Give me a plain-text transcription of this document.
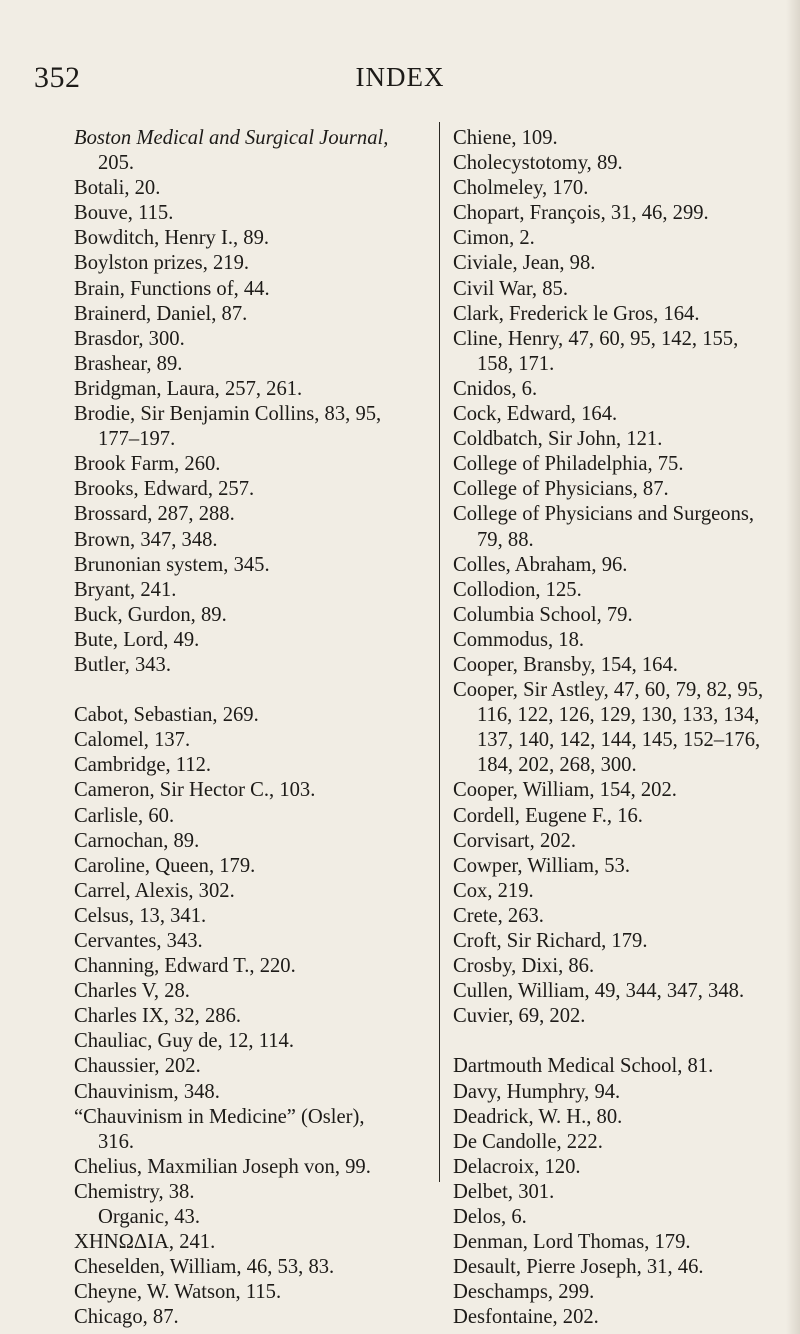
352	INDEX
Boston Medical and Surgical Journal,
205.
Botali, 20.
Bouve, 115.
Bowditch, Henry I., 89.
Boylston prizes, 219.
Brain, Functions of, 44.
Brainerd, Daniel, 87.
Brasdor, 300.
Brashear, 89.
Bridgman, Laura, 257, 261.
Brodie, Sir Benjamin Collins, 83, 95,
177–197.
Brook Farm, 260.
Brooks, Edward, 257.
Brossard, 287, 288.
Brown, 347, 348.
Brunonian system, 345.
Bryant, 241.
Buck, Gurdon, 89.
Bute, Lord, 49.
Butler, 343.
Cabot, Sebastian, 269.
Calomel, 137.
Cambridge, 112.
Cameron, Sir Hector C., 103.
Carlisle, 60.
Carnochan, 89.
Caroline, Queen, 179.
Carrel, Alexis, 302.
Celsus, 13, 341.
Cervantes, 343.
Channing, Edward T., 220.
Charles V, 28.
Charles IX, 32, 286.
Chauliac, Guy de, 12, 114.
Chaussier, 202.
Chauvinism, 348.
“Chauvinism in Medicine” (Osler),
316.
Chelius, Maxmilian Joseph von, 99.
Chemistry, 38.
Organic, 43.
ΧΗΝΩΔΙΑ, 241.
Cheselden, William, 46, 53, 83.
Cheyne, W. Watson, 115.
Chicago, 87.
Chiene, 109.
Cholecystotomy, 89.
Cholmeley, 170.
Chopart, François, 31, 46, 299.
Cimon, 2.
Civiale, Jean, 98.
Civil War, 85.
Clark, Frederick le Gros, 164.
Cline, Henry, 47, 60, 95, 142, 155,
158, 171.
Cnidos, 6.
Cock, Edward, 164.
Coldbatch, Sir John, 121.
College of Philadelphia, 75.
College of Physicians, 87.
College of Physicians and Surgeons,
79, 88.
Colles, Abraham, 96.
Collodion, 125.
Columbia School, 79.
Commodus, 18.
Cooper, Bransby, 154, 164.
Cooper, Sir Astley, 47, 60, 79, 82, 95,
116, 122, 126, 129, 130, 133, 134,
137, 140, 142, 144, 145, 152–176,
184, 202, 268, 300.
Cooper, William, 154, 202.
Cordell, Eugene F., 16.
Corvisart, 202.
Cowper, William, 53.
Cox, 219.
Crete, 263.
Croft, Sir Richard, 179.
Crosby, Dixi, 86.
Cullen, William, 49, 344, 347, 348.
Cuvier, 69, 202.
Dartmouth Medical School, 81.
Davy, Humphry, 94.
Deadrick, W. H., 80.
De Candolle, 222.
Delacroix, 120.
Delbet, 301.
Delos, 6.
Denman, Lord Thomas, 179.
Desault, Pierre Joseph, 31, 46.
Deschamps, 299.
Desfontaine, 202.
